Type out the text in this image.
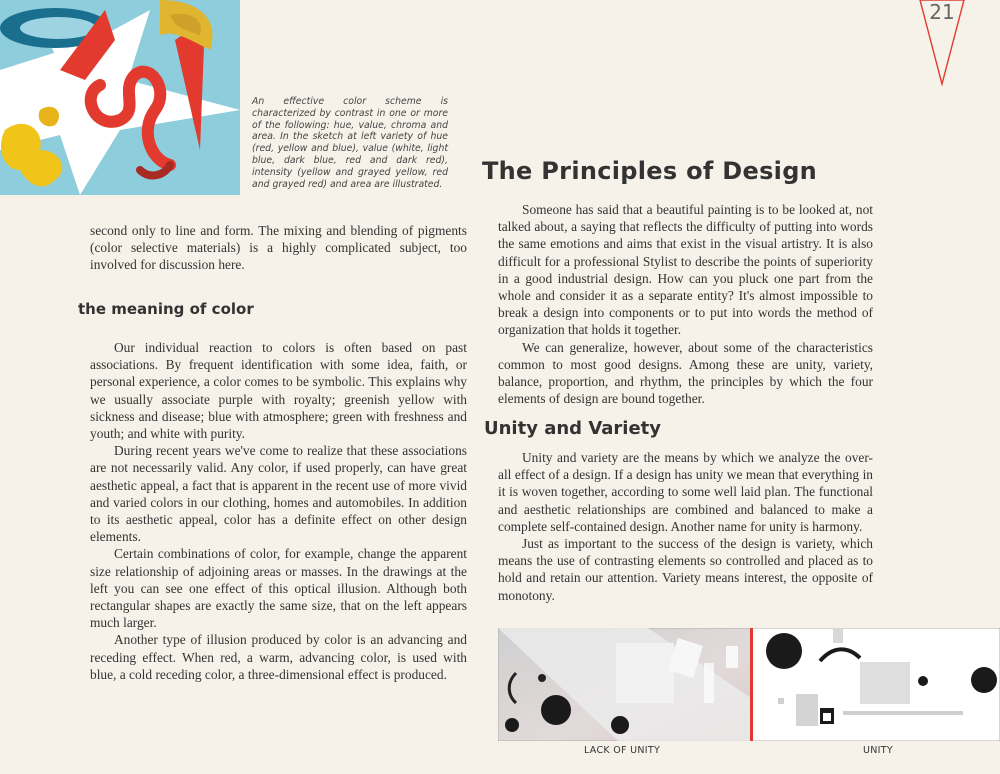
An effective color scheme is characterized by contrast in one or more of the following: hue, value, chroma and area. In the sketch at left variety of hue (red, yellow and blue), value (white, light blue, dark blue, red and dark red), intensity (yellow and grayed yellow, red and grayed red) and area are illustrated.
21

second only to line and form. The mixing and blending of pigments (color selective materials) is a highly complicated subject, too involved for discussion here.

the meaning of color

Our individual reaction to colors is often based on past associations. By frequent identification with some idea, faith, or personal experience, a color comes to be symbolic. This explains why we usually associate purple with royalty; greenish yellow with sickness and disease; blue with atmosphere; green with freshness and youth; and white with purity.

During recent years we've come to realize that these associations are not necessarily valid. Any color, if used properly, can have great aesthetic appeal, a fact that is apparent in the recent use of more vivid and varied colors in our clothing, homes and automobiles. In addition to its aesthetic appeal, color has a definite effect on other design elements.

Certain combinations of color, for example, change the apparent size relationship of adjoining areas or masses. In the drawings at the left you can see one effect of this optical illusion. Although both rectangular shapes are exactly the same size, that on the left appears much larger.

Another type of illusion produced by color is an advancing and receding effect. When red, a warm, advancing color, is used with blue, a cold receding color, a three-dimensional effect is produced.

The Principles of Design

Someone has said that a beautiful painting is to be looked at, not talked about, a saying that reflects the difficulty of putting into words the same emotions and aims that exist in the visual artistry. It is also difficult for a professional Stylist to describe the points of superiority in a good industrial design. How can you pluck one part from the whole and consider it as a separate entity? It's almost impossible to break a design into components or to put into words the method of organization that holds it together.

We can generalize, however, about some of the characteristics common to most good designs. Among these are unity, variety, balance, proportion, and rhythm, the principles by which the four elements of design are bound together.

Unity and Variety

Unity and variety are the means by which we analyze the over-all effect of a design. If a design has unity we mean that everything in it is woven together, according to some well laid plan. The functional and aesthetic relationships are combined and balanced to make a complete self-contained design. Another name for unity is harmony.

Just as important to the success of the design is variety, which means the use of contrasting elements so controlled and placed as to hold and retain our attention. Variety means interest, the opposite of monotony.

LACK OF UNITY	UNITY
